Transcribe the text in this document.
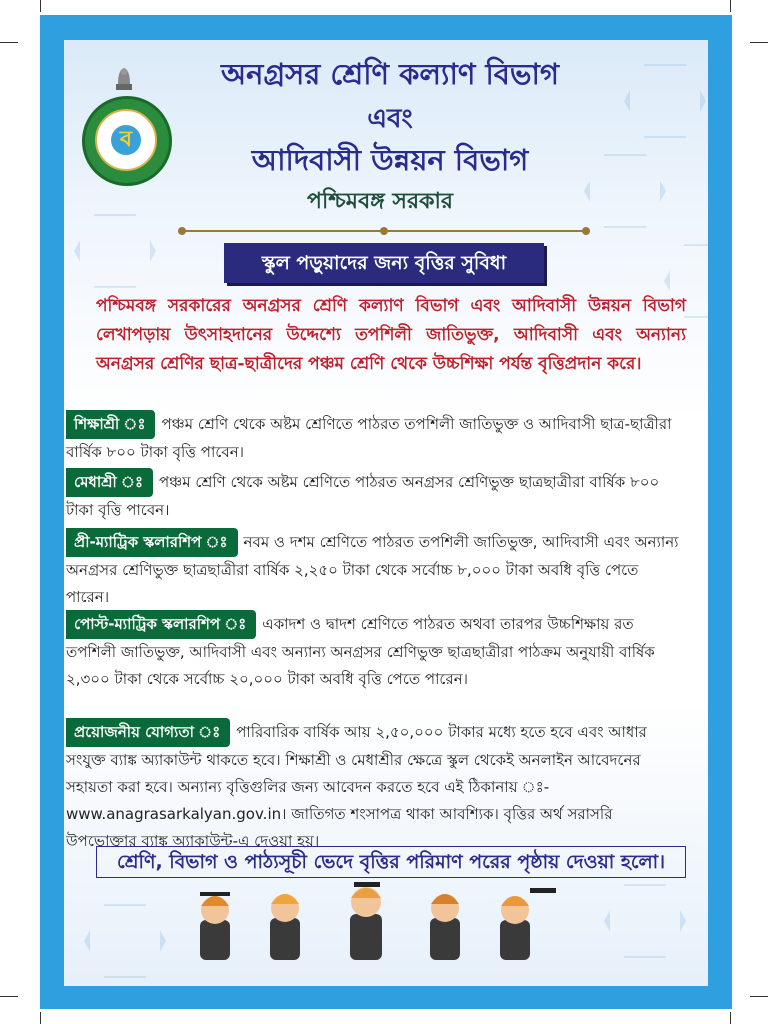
ব
অনগ্রসর শ্রেণি কল্যাণ বিভাগ
এবং
আদিবাসী উন্নয়ন বিভাগ
পশ্চিমবঙ্গ সরকার
স্কুল পড়ুয়াদের জন্য বৃত্তির সুবিধা
পশ্চিমবঙ্গ সরকারের অনগ্রসর শ্রেণি কল্যাণ বিভাগ এবং আদিবাসী উন্নয়ন বিভাগ লেখাপড়ায় উৎসাহদানের উদ্দেশ্যে তপশিলী জাতিভুক্ত, আদিবাসী এবং অন্যান্য অনগ্রসর শ্রেণির ছাত্র-ছাত্রীদের পঞ্চম শ্রেণি থেকে উচ্চশিক্ষা পর্যন্ত বৃত্তিপ্রদান করে।
শিক্ষাশ্রী ঃ পঞ্চম শ্রেণি থেকে অষ্টম শ্রেণিতে পাঠরত তপশিলী জাতিভুক্ত ও আদিবাসী ছাত্র-ছাত্রীরা বার্ষিক ৮০০ টাকা বৃত্তি পাবেন।
মেধাশ্রী ঃ পঞ্চম শ্রেণি থেকে অষ্টম শ্রেণিতে পাঠরত অনগ্রসর শ্রেণিভুক্ত ছাত্রছাত্রীরা বার্ষিক ৮০০ টাকা বৃত্তি পাবেন।
প্রী-ম্যাট্রিক স্কলারশিপ ঃ নবম ও দশম শ্রেণিতে পাঠরত তপশিলী জাতিভুক্ত, আদিবাসী এবং অন্যান্য অনগ্রসর শ্রেণিভুক্ত ছাত্রছাত্রীরা বার্ষিক ২,২৫০ টাকা থেকে সর্বোচ্চ ৮,০০০ টাকা অবধি বৃত্তি পেতে পারেন।
পোস্ট-ম্যাট্রিক স্কলারশিপ ঃ একাদশ ও দ্বাদশ শ্রেণিতে পাঠরত অথবা তারপর উচ্চশিক্ষায় রত তপশিলী জাতিভুক্ত, আদিবাসী এবং অন্যান্য অনগ্রসর শ্রেণিভুক্ত ছাত্রছাত্রীরা পাঠক্রম অনুযায়ী বার্ষিক ২,৩০০ টাকা থেকে সর্বোচ্চ ২০,০০০ টাকা অবধি বৃত্তি পেতে পারেন।
প্রয়োজনীয় যোগ্যতা ঃ পারিবারিক বার্ষিক আয় ২,৫০,০০০ টাকার মধ্যে হতে হবে এবং আধার সংযুক্ত ব্যাঙ্ক অ্যাকাউন্ট থাকতে হবে। শিক্ষাশ্রী ও মেধাশ্রীর ক্ষেত্রে স্কুল থেকেই অনলাইন আবেদনের সহায়তা করা হবে। অন্যান্য বৃত্তিগুলির জন্য আবেদন করতে হবে এই ঠিকানায় ঃ- www.anagrasarkalyan.gov.in। জাতিগত শংসাপত্র থাকা আবশ্যিক। বৃত্তির অর্থ সরাসরি উপভোক্তার ব্যাঙ্ক অ্যাকাউন্ট-এ দেওয়া হয়।
শ্রেণি, বিভাগ ও পাঠ্যসূচী ভেদে বৃত্তির পরিমাণ পরের পৃষ্ঠায় দেওয়া হলো।
